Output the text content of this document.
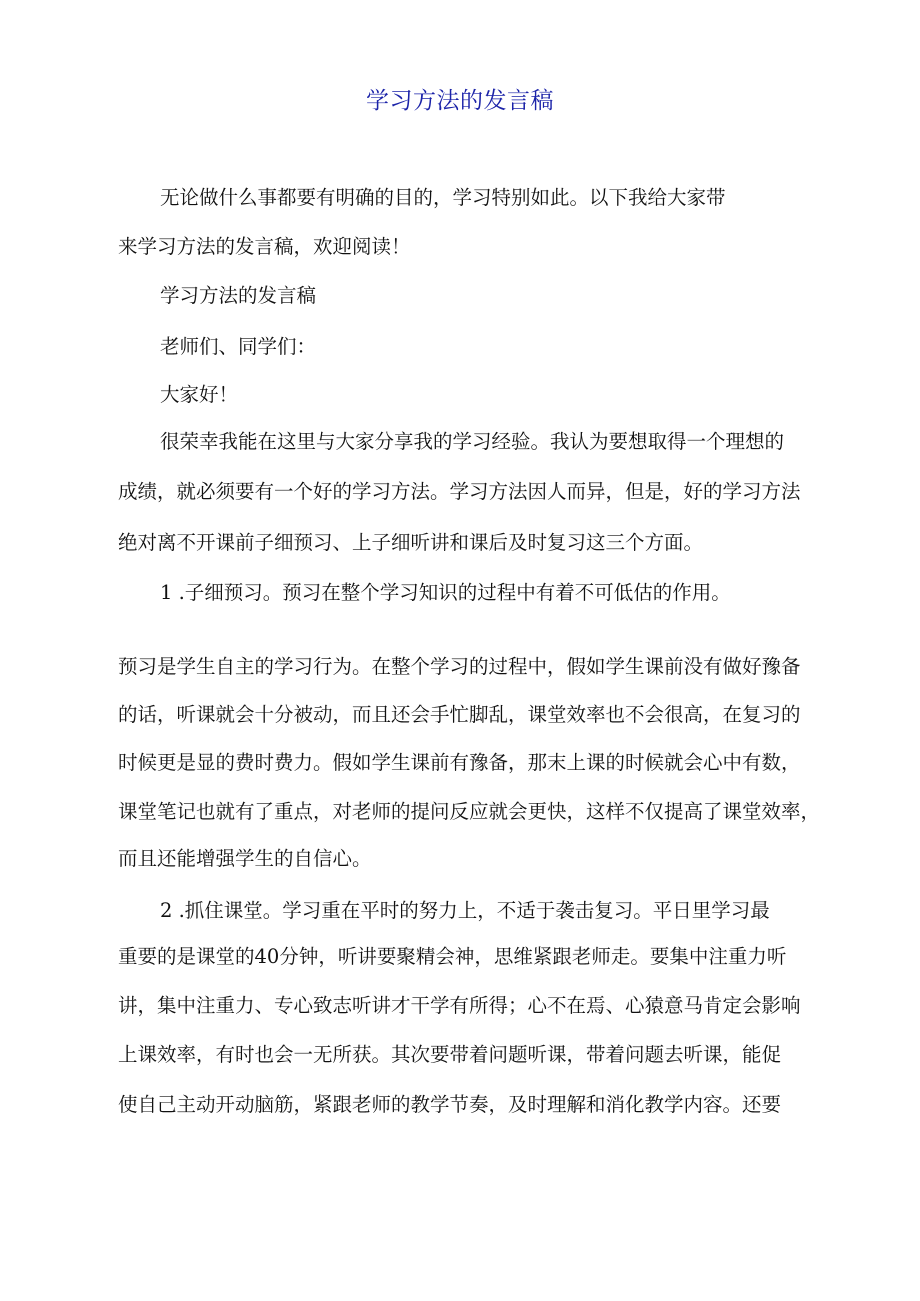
学习方法的发言稿
无论做什么事都要有明确的目的，学习特别如此。以下我给大家带
来学习方法的发言稿，欢迎阅读！
学习方法的发言稿
老师们、同学们：
大家好！
很荣幸我能在这里与大家分享我的学习经验。我认为要想取得一个理想的
成绩，就必须要有一个好的学习方法。学习方法因人而异，但是，好的学习方法
绝对离不开课前子细预习、上子细听讲和课后及时复习这三个方面。
1 .子细预习。预习在整个学习知识的过程中有着不可低估的作用。
预习是学生自主的学习行为。在整个学习的过程中，假如学生课前没有做好豫备
的话，听课就会十分被动，而且还会手忙脚乱，课堂效率也不会很高，在复习的
时候更是显的费时费力。假如学生课前有豫备，那末上课的时候就会心中有数，
课堂笔记也就有了重点，对老师的提问反应就会更快，这样不仅提高了课堂效率，
而且还能增强学生的自信心。
2 .抓住课堂。学习重在平时的努力上，不适于袭击复习。平日里学习最
重要的是课堂的40分钟，听讲要聚精会神，思维紧跟老师走。要集中注重力听
讲，集中注重力、专心致志听讲才干学有所得；心不在焉、心猿意马肯定会影响
上课效率，有时也会一无所获。其次要带着问题听课，带着问题去听课，能促
使自己主动开动脑筋，紧跟老师的教学节奏，及时理解和消化教学内容。还要
